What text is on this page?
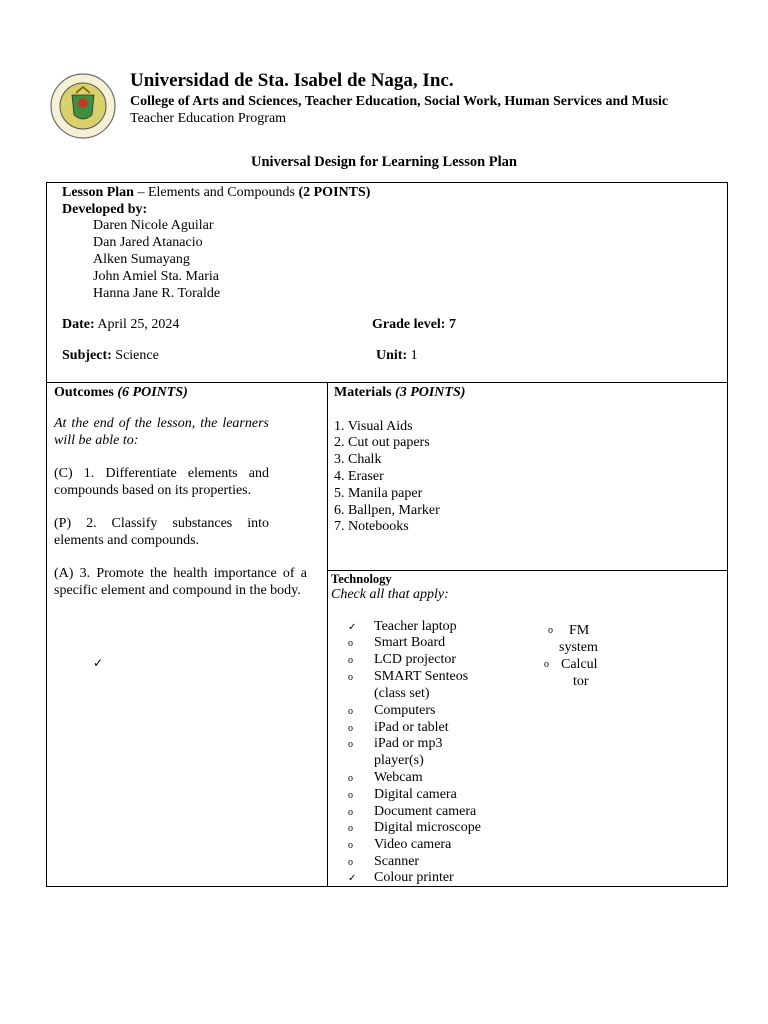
Universidad de Sta. Isabel de Naga, Inc.
College of Arts and Sciences, Teacher Education, Social Work, Human Services and Music
Teacher Education Program
Universal Design for Learning Lesson Plan
Lesson Plan – Elements and Compounds (2 POINTS)
Developed by:
Daren Nicole Aguilar
Dan Jared Atanacio
Alken Sumayang
John Amiel Sta. Maria
Hanna Jane R. Toralde
Date: April 25, 2024	Grade level: 7
Subject: Science	Unit: 1
Outcomes (6 POINTS)
At the end of the lesson, the learners will be able to:
(C) 1. Differentiate elements and compounds based on its properties.
(P) 2. Classify substances into elements and compounds.
(A) 3. Promote the health importance of a specific element and compound in the body.
✓
Materials (3 POINTS)
1. Visual Aids
2. Cut out papers
3. Chalk
4. Eraser
5. Manila paper
6. Ballpen, Marker
7. Notebooks
Technology
Check all that apply:
✓ Teacher laptop
o Smart Board
o LCD projector
o SMART Senteos
(class set)
o Computers
o iPad or tablet
o iPad or mp3
player(s)
o Webcam
o Digital camera
o Document camera
o Digital microscope
o Video camera
o Scanner
✓ Colour printer
o FM
system
o Calcul
tor
